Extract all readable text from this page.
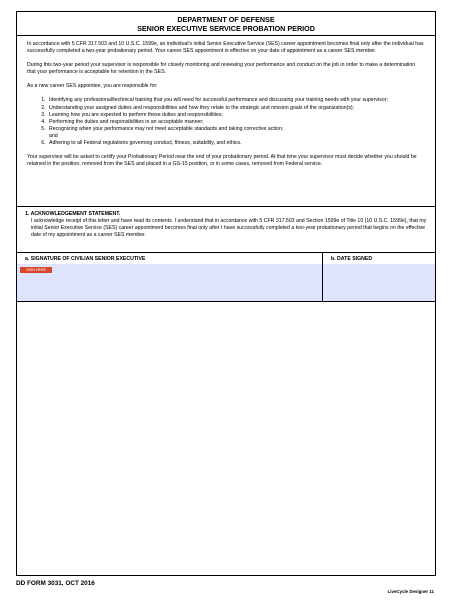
DEPARTMENT OF DEFENSE
SENIOR EXECUTIVE SERVICE PROBATION PERIOD

In accordance with 5 CFR 317.503 and 10 U.S.C. 1599e, an individual's initial Senior Executive Service (SES) career appointment becomes final only after the individual has successfully completed a two-year probationary period. Your career SES appointment is effective on your date of appointment as a career SES member.

During this two-year period your supervisor is responsible for closely monitoring and reviewing your performance and conduct on the job in order to make a determination that your performance is acceptable for retention in the SES.

As a new career SES appointee, you are responsible for:

1. Identifying any professional/technical training that you will need for successful performance and discussing your training needs with your supervisor;
2. Understanding your assigned duties and responsibilities and how they relate to the strategic and mission goals of the organization(s);
3. Learning how you are expected to perform these duties and responsibilities;
4. Performing the duties and responsibilities in an acceptable manner;
5. Recognizing when your performance may not meet acceptable standards and taking corrective action;
and
6. Adhering to all Federal regulations governing conduct, fitness, suitability, and ethics.

Your supervisor will be asked to certify your Probationary Period near the end of your probationary period. At that time your supervisor must decide whether you should be retained in the position, removed from the SES and placed in a GS-15 position, or in some cases, removed from Federal service.

1. ACKNOWLEDGEMENT STATEMENT.
I acknowledge receipt of this letter and have read its contents. I understand that in accordance with 5 CFR 317.503 and Section 1599e of Title 10 (10 U.S.C. 1599e), that my initial Senior Executive Service (SES) career appointment becomes final only after I have successfully completed a two-year probationary period that begins on the effective date of my appointment as a career SES member.
a. SIGNATURE OF CIVILIAN SENIOR EXECUTIVE
SIGN HERE
b. DATE SIGNED
DD FORM 3031, OCT 2016
LiveCycle Designer 11
